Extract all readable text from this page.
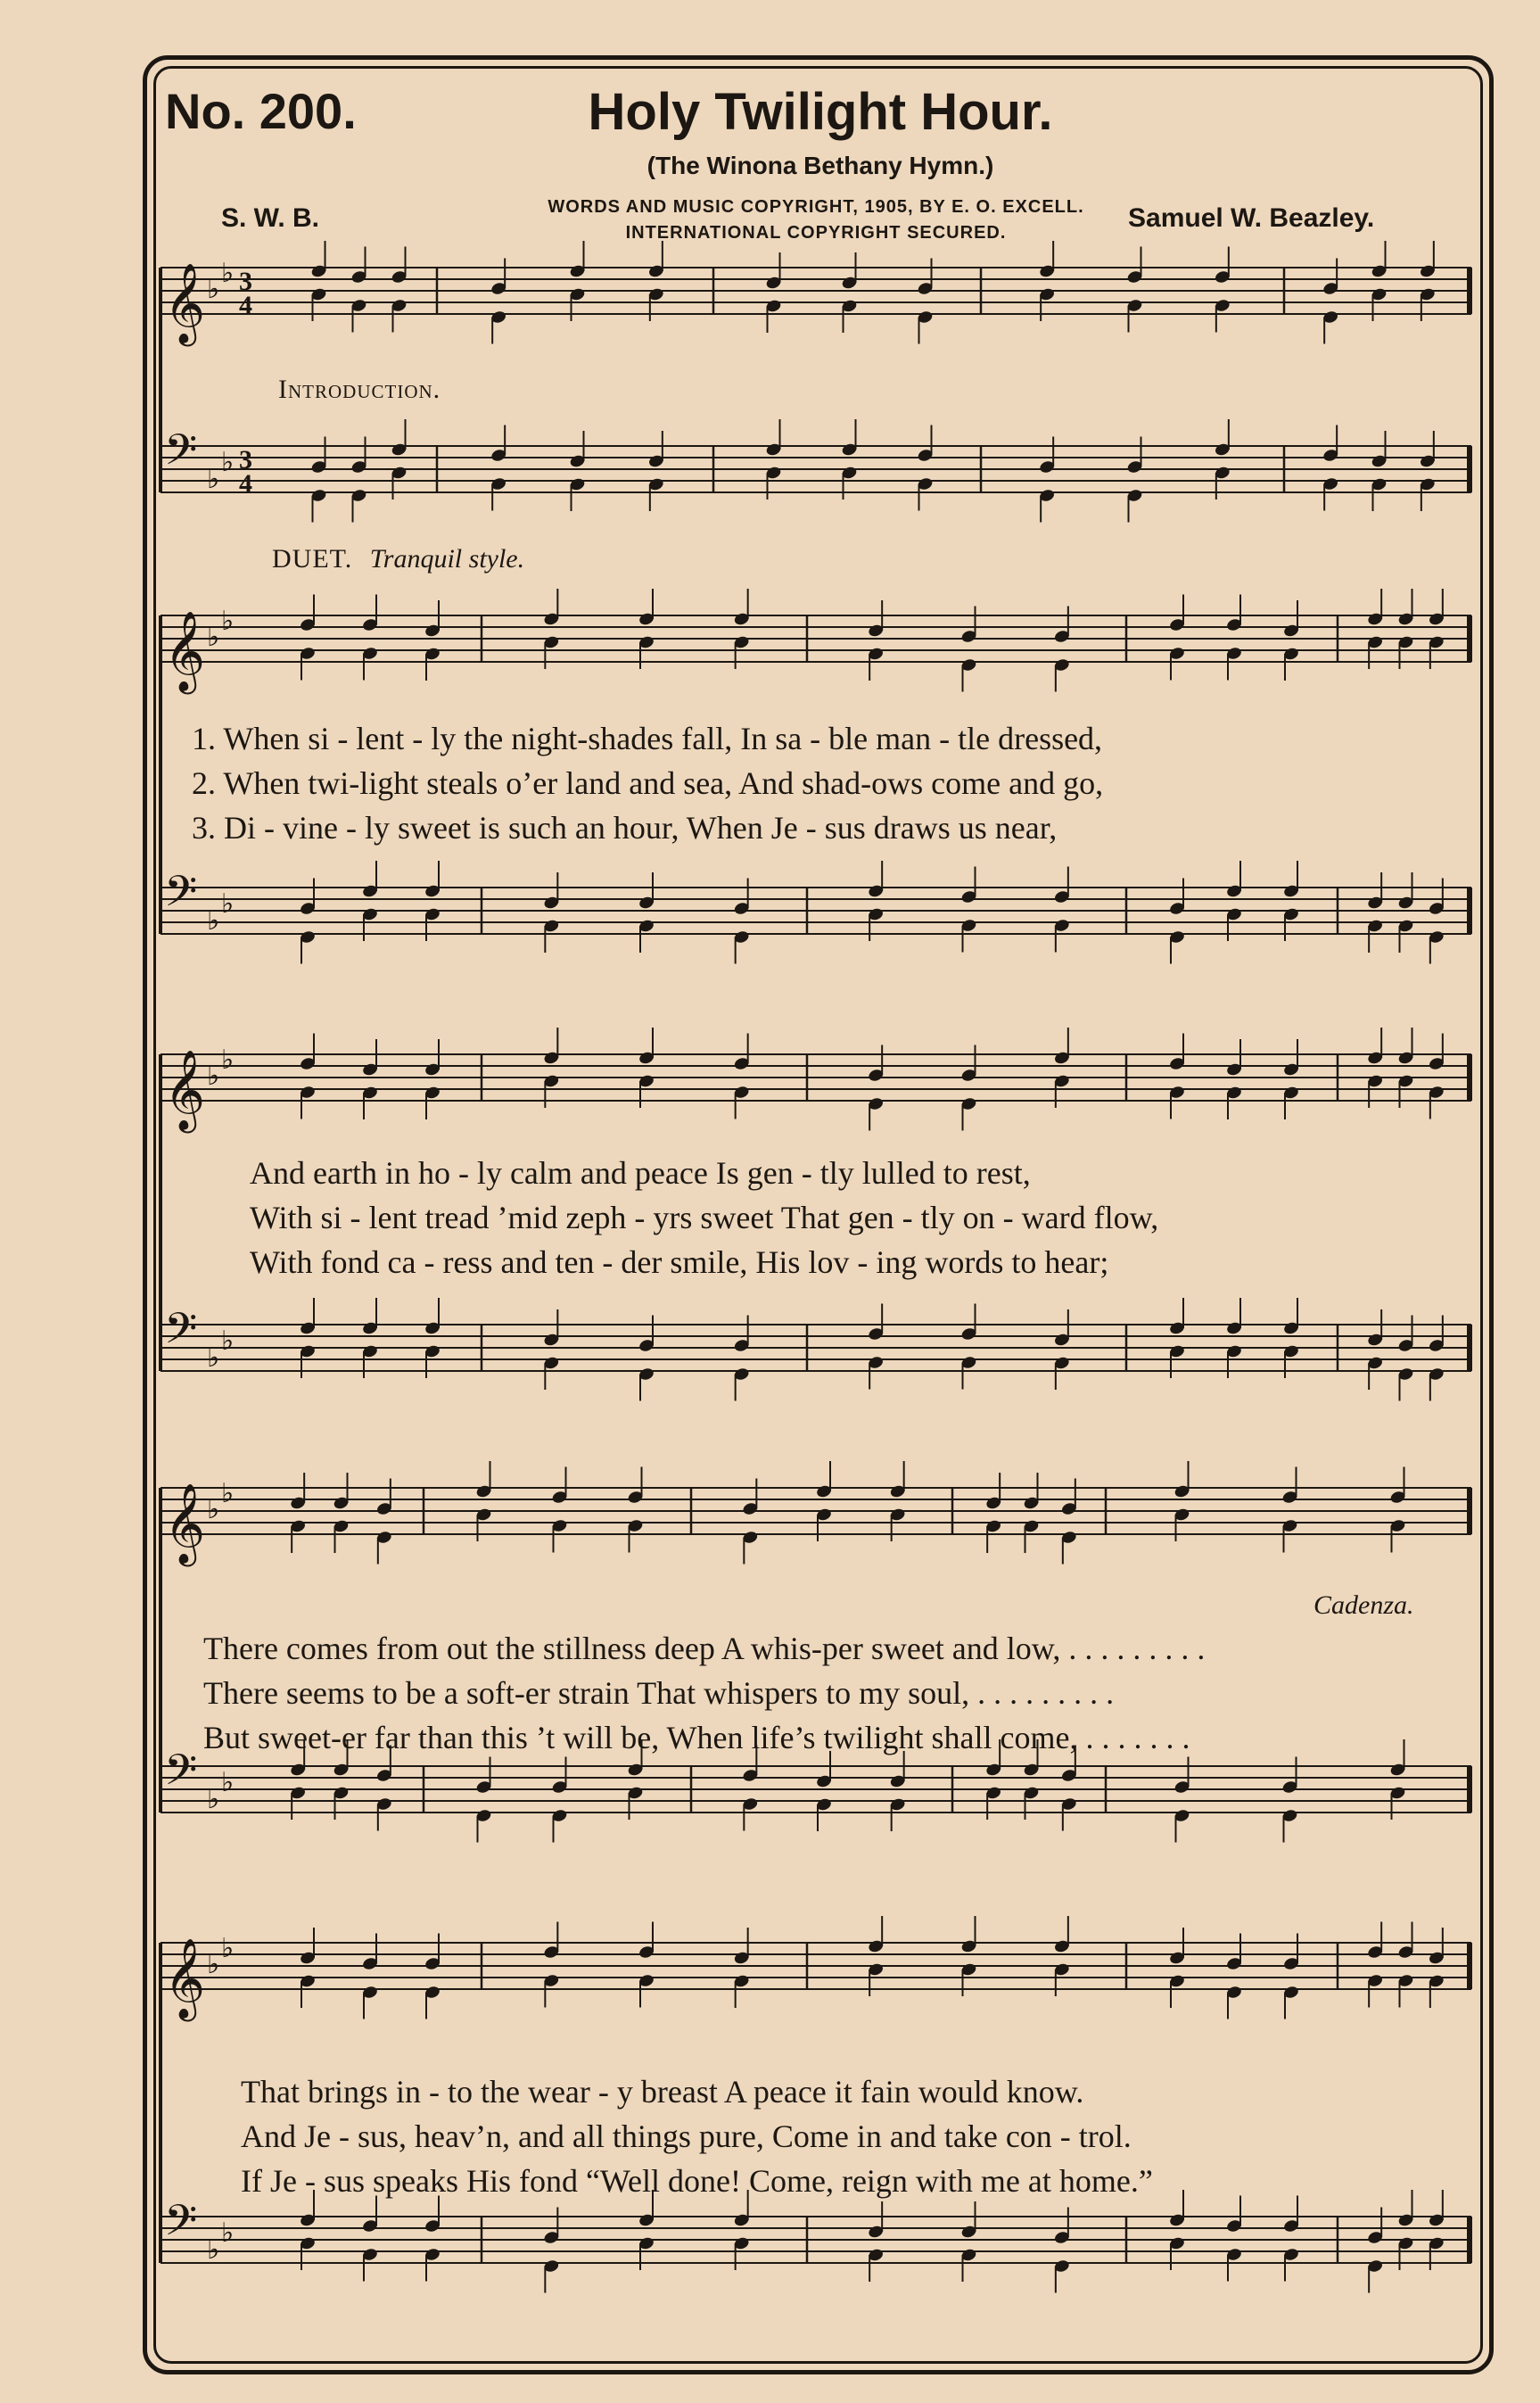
No. 200.	Holy Twilight Hour.
(The Winona Bethany Hymn.)
S. W. B.	WORDS AND MUSIC COPYRIGHT, 1905, BY E. O. EXCELL.
INTERNATIONAL COPYRIGHT SECURED.	Samuel W. Beazley.
Introduction.
DUET. Tranquil style.
Cadenza.
1. When si - lent - ly the night-shades fall, In sa - ble man - tle dressed,
2. When twi-light steals o’er land and sea, And shad-ows come and go,
3. Di - vine - ly sweet is such an hour, When Je - sus draws us near,
And earth in ho - ly calm and peace Is gen - tly lulled to rest,
With si - lent tread ’mid zeph - yrs sweet That gen - tly on - ward flow,
With fond ca - ress and ten - der smile, His lov - ing words to hear;
There comes from out the stillness deep A whis-per sweet and low, . . . . . . . . .
There seems to be a soft-er strain That whispers to my soul, . . . . . . . . .
But sweet-er far than this ’t will be, When life’s twilight shall come, . . . . . . .
That brings in - to the wear - y breast A peace it fain would know.
And Je - sus, heav’n, and all things pure, Come in and take con - trol.
If Je - sus speaks His fond “Well done! Come, reign with me at home.”
𝄞 ♭
♭ 3
4
𝄢 ♭
♭ 3
4
𝄞 ♭
♭
𝄢 ♭
♭
𝄞 ♭
♭
𝄢 ♭
♭
𝄞 ♭
♭
𝄢 ♭
♭
𝄞 ♭
♭
𝄢 ♭
♭
